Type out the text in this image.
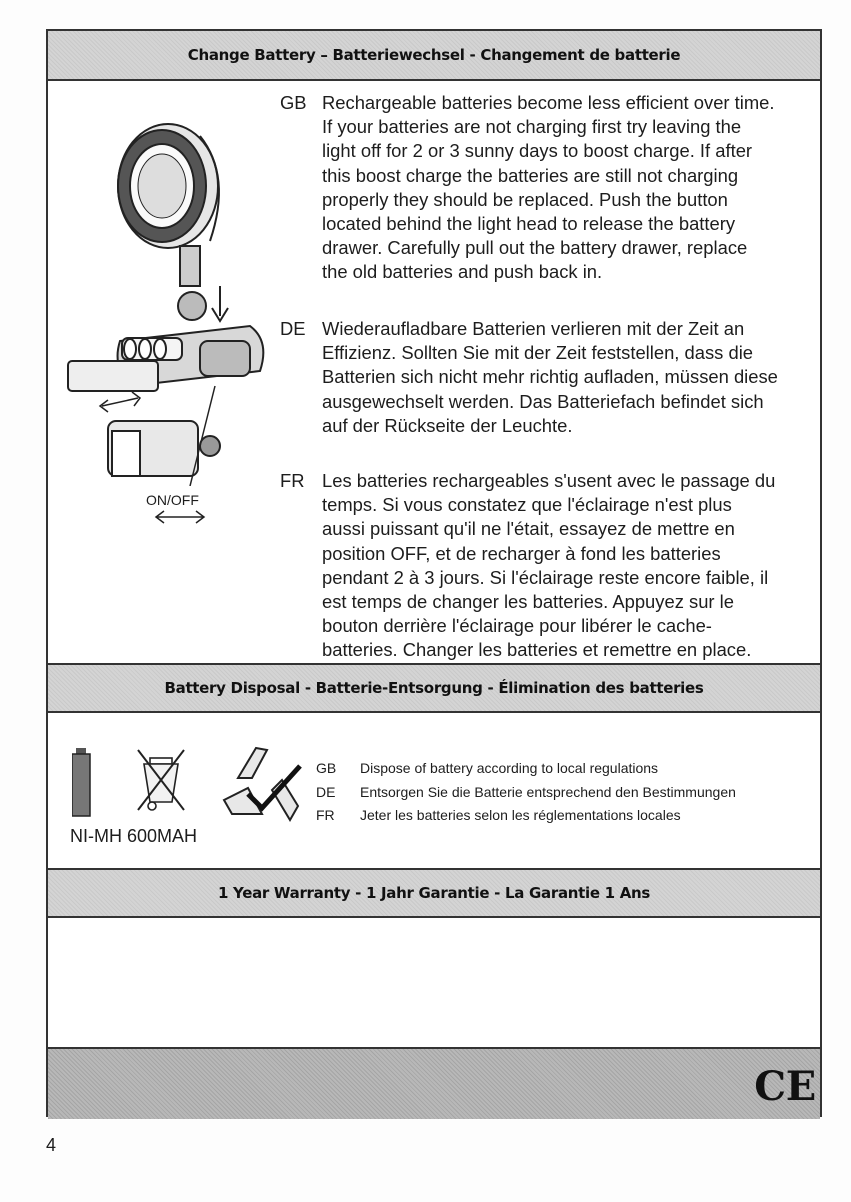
Change Battery – Batteriewechsel - Changement de batterie
ON/OFF
GB Rechargeable batteries become less efficient over time.
If your batteries are not charging first try leaving the
light off for 2 or 3 sunny days to boost charge. If after
this boost charge the batteries are still not charging
properly they should be replaced. Push the button
located behind the light head to release the battery
drawer. Carefully pull out the battery drawer, replace
the old batteries and push back in.
DE Wiederaufladbare Batterien verlieren mit der Zeit an
Effizienz. Sollten Sie mit der Zeit feststellen, dass die
Batterien sich nicht mehr richtig aufladen, müssen diese
ausgewechselt werden. Das Batteriefach befindet sich
auf der Rückseite der Leuchte.
FR Les batteries rechargeables s'usent avec le passage du
temps. Si vous constatez que l'éclairage n'est plus
aussi puissant qu'il ne l'était, essayez de mettre en
position OFF, et de recharger à fond les batteries
pendant 2 à 3 jours. Si l'éclairage reste encore faible, il
est temps de changer les batteries. Appuyez sur le
bouton derrière l'éclairage pour libérer le cache-
batteries. Changer les batteries et remettre en place.
Battery Disposal - Batterie-Entsorgung - Élimination des batteries
NI-MH 600MAH
GB	Dispose of battery according to local regulations
DE	Entsorgen Sie die Batterie entsprechend den Bestimmungen
FR	Jeter les batteries selon les réglementations locales
1 Year Warranty - 1 Jahr Garantie - La Garantie 1 Ans
CE
4
